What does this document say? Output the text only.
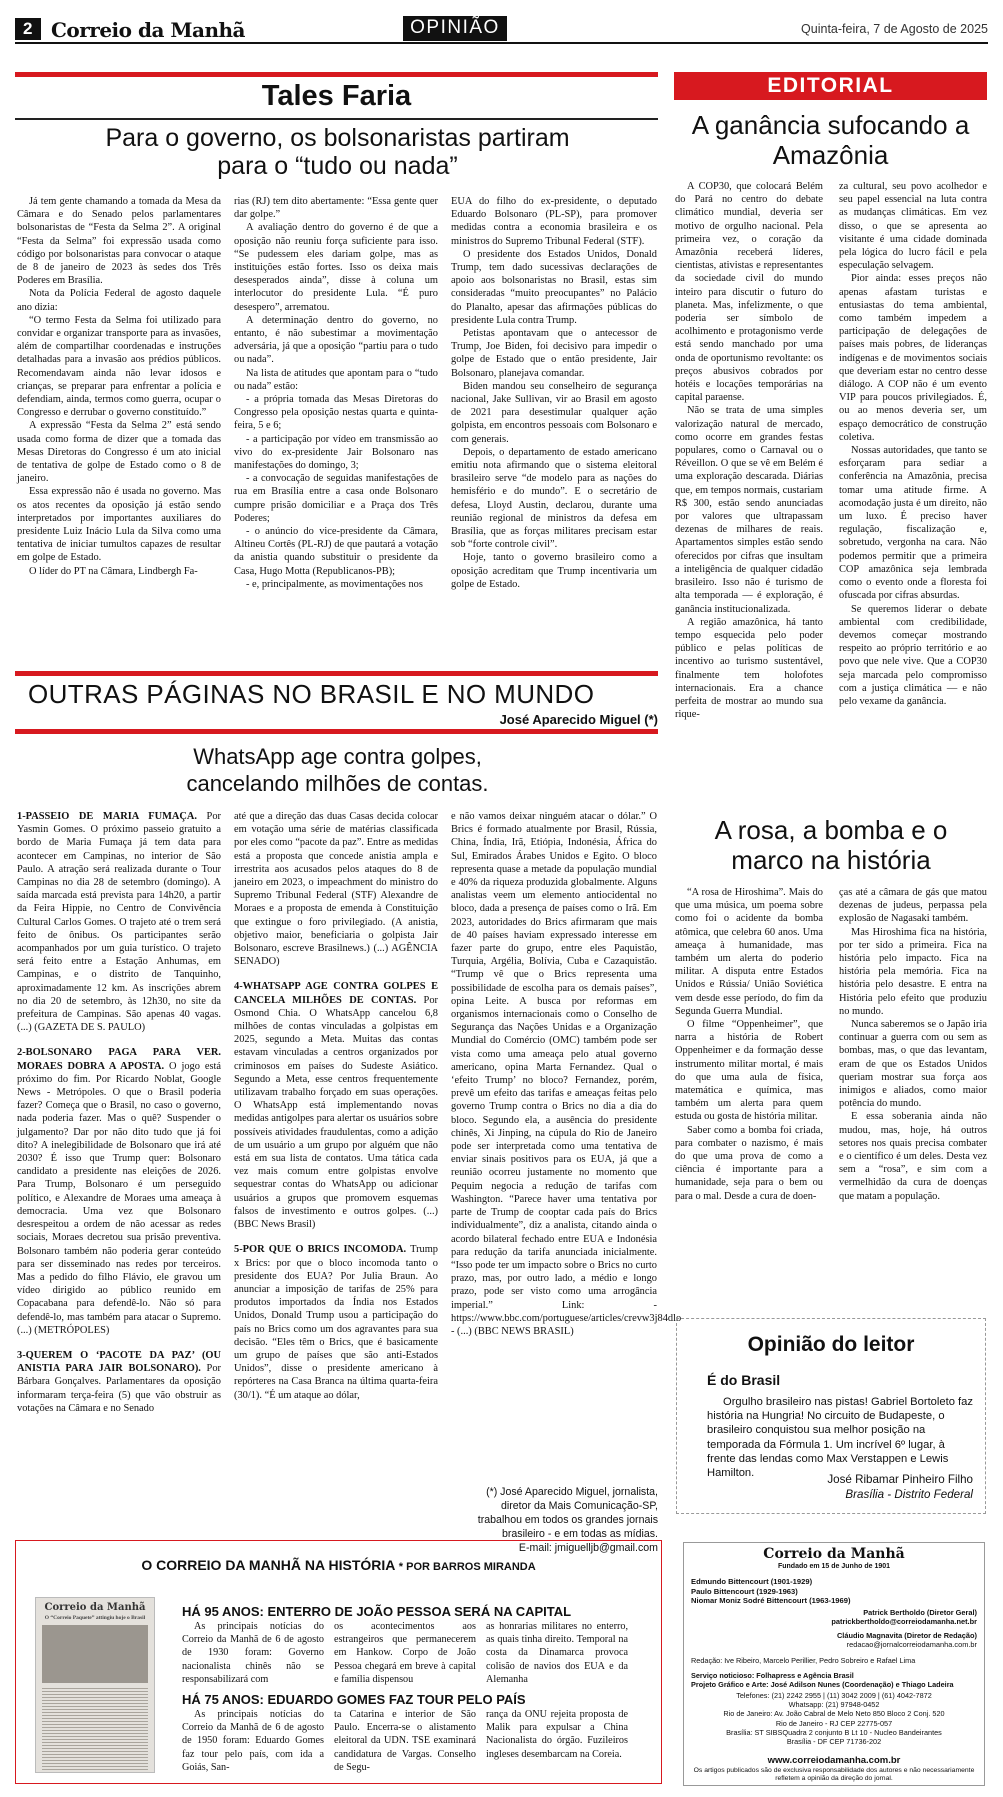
2 Correio da Manhã	OPINIÃO	Quinta-feira, 7 de Agosto de 2025
Tales Faria
Para o governo, os bolsonaristas partiram para o “tudo ou nada”

Já tem gente chamando a tomada da Mesa da Câmara e do Senado pelos parlamentares bolsonaristas de “Festa da Selma 2”. A original “Festa da Selma” foi expressão usada como código por bolsonaristas para convocar o ataque de 8 de janeiro de 2023 às sedes dos Três Poderes em Brasília.

Nota da Polícia Federal de agosto daquele ano dizia:

“O termo Festa da Selma foi utilizado para convidar e organizar transporte para as invasões, além de compartilhar coordenadas e instruções detalhadas para a invasão aos prédios públicos. Recomendavam ainda não levar idosos e crianças, se preparar para enfrentar a polícia e defendiam, ainda, termos como guerra, ocupar o Congresso e derrubar o governo constituído.”

A expressão “Festa da Selma 2” está sendo usada como forma de dizer que a tomada das Mesas Diretoras do Congresso é um ato inicial de tentativa de golpe de Estado como o 8 de janeiro.

Essa expressão não é usada no governo. Mas os atos recentes da oposição já estão sendo interpretados por importantes auxiliares do presidente Luiz Inácio Lula da Silva como uma tentativa de iniciar tumultos capazes de resultar em golpe de Estado.

O líder do PT na Câmara, Lindbergh Fa-

rias (RJ) tem dito abertamente: “Essa gente quer dar golpe.”

A avaliação dentro do governo é de que a oposição não reuniu força suficiente para isso. “Se pudessem eles dariam golpe, mas as instituições estão fortes. Isso os deixa mais desesperados ainda”, disse à coluna um interlocutor do presidente Lula. “É puro desespero”, arrematou.

A determinação dentro do governo, no entanto, é não subestimar a movimentação adversária, já que a oposição “partiu para o tudo ou nada”.

Na lista de atitudes que apontam para o “tudo ou nada” estão:

- a própria tomada das Mesas Diretoras do Congresso pela oposição nestas quarta e quinta-feira, 5 e 6;

- a participação por vídeo em transmissão ao vivo do ex-presidente Jair Bolsonaro nas manifestações do domingo, 3;

- a convocação de seguidas manifestações de rua em Brasília entre a casa onde Bolsonaro cumpre prisão domiciliar e a Praça dos Três Poderes;

- o anúncio do vice-presidente da Câmara, Altineu Cortês (PL-RJ) de que pautará a votação da anistia quando substituir o presidente da Casa, Hugo Motta (Republicanos-PB);

- e, principalmente, as movimentações nos

EUA do filho do ex-presidente, o deputado Eduardo Bolsonaro (PL-SP), para promover medidas contra a economia brasileira e os ministros do Supremo Tribunal Federal (STF).

O presidente dos Estados Unidos, Donald Trump, tem dado sucessivas declarações de apoio aos bolsonaristas no Brasil, estas sim consideradas “muito preocupantes” no Palácio do Planalto, apesar das afirmações públicas do presidente Lula contra Trump.

Petistas apontavam que o antecessor de Trump, Joe Biden, foi decisivo para impedir o golpe de Estado que o então presidente, Jair Bolsonaro, planejava comandar.

Biden mandou seu conselheiro de segurança nacional, Jake Sullivan, vir ao Brasil em agosto de 2021 para desestimular qualquer ação golpista, em encontros pessoais com Bolsonaro e com generais.

Depois, o departamento de estado americano emitiu nota afirmando que o sistema eleitoral brasileiro serve “de modelo para as nações do hemisfério e do mundo”. E o secretário de defesa, Lloyd Austin, declarou, durante uma reunião regional de ministros da defesa em Brasília, que as forças militares precisam estar sob “forte controle civil”.

Hoje, tanto o governo brasileiro como a oposição acreditam que Trump incentivaria um golpe de Estado.

EDITORIAL
A ganância sufocando a Amazônia

A COP30, que colocará Belém do Pará no centro do debate climático mundial, deveria ser motivo de orgulho nacional. Pela primeira vez, o coração da Amazônia receberá líderes, cientistas, ativistas e representantes da sociedade civil do mundo inteiro para discutir o futuro do planeta. Mas, infelizmente, o que poderia ser símbolo de acolhimento e protagonismo verde está sendo manchado por uma onda de oportunismo revoltante: os preços abusivos cobrados por hotéis e locações temporárias na capital paraense.

Não se trata de uma simples valorização natural de mercado, como ocorre em grandes festas populares, como o Carnaval ou o Réveillon. O que se vê em Belém é uma exploração descarada. Diárias que, em tempos normais, custariam R$ 300, estão sendo anunciadas por valores que ultrapassam dezenas de milhares de reais. Apartamentos simples estão sendo oferecidos por cifras que insultam a inteligência de qualquer cidadão brasileiro. Isso não é turismo de alta temporada — é exploração, é ganância institucionalizada.

A região amazônica, há tanto tempo esquecida pelo poder público e pelas políticas de incentivo ao turismo sustentável, finalmente tem holofotes internacionais. Era a chance perfeita de mostrar ao mundo sua rique-

za cultural, seu povo acolhedor e seu papel essencial na luta contra as mudanças climáticas. Em vez disso, o que se apresenta ao visitante é uma cidade dominada pela lógica do lucro fácil e pela especulação selvagem.

Pior ainda: esses preços não apenas afastam turistas e entusiastas do tema ambiental, como também impedem a participação de delegações de países mais pobres, de lideranças indígenas e de movimentos sociais que deveriam estar no centro desse diálogo. A COP não é um evento VIP para poucos privilegiados. É, ou ao menos deveria ser, um espaço democrático de construção coletiva.

Nossas autoridades, que tanto se esforçaram para sediar a conferência na Amazônia, precisa tomar uma atitude firme. A acomodação justa é um direito, não um luxo. É preciso haver regulação, fiscalização e, sobretudo, vergonha na cara. Não podemos permitir que a primeira COP amazônica seja lembrada como o evento onde a floresta foi ofuscada por cifras absurdas.

Se queremos liderar o debate ambiental com credibilidade, devemos começar mostrando respeito ao próprio território e ao povo que nele vive. Que a COP30 seja marcada pelo compromisso com a justiça climática — e não pelo vexame da ganância.

A rosa, a bomba e o marco na história

“A rosa de Hiroshima”. Mais do que uma música, um poema sobre como foi o acidente da bomba atômica, que celebra 60 anos. Uma ameaça à humanidade, mas também um alerta do poderio militar. A disputa entre Estados Unidos e Rússia/ União Soviética vem desde esse período, do fim da Segunda Guerra Mundial.

O filme “Oppenheimer”, que narra a história de Robert Oppenheimer e da formação desse instrumento militar mortal, é mais do que uma aula de física, matemática e química, mas também um alerta para quem estuda ou gosta de história militar.

Saber como a bomba foi criada, para combater o nazismo, é mais do que uma prova de como a ciência é importante para a humanidade, seja para o bem ou para o mal. Desde a cura de doen-

ças até a câmara de gás que matou dezenas de judeus, perpassa pela explosão de Nagasaki também.

Mas Hiroshima fica na história, por ter sido a primeira. Fica na história pelo impacto. Fica na história pela memória. Fica na história pelo desastre. E entra na História pelo efeito que produziu no mundo.

Nunca saberemos se o Japão iria continuar a guerra com ou sem as bombas, mas, o que das levantam, eram de que os Estados Unidos queriam mostrar sua força aos inimigos e aliados, como maior potência do mundo.

E essa soberania ainda não mudou, mas, hoje, há outros setores nos quais precisa combater e o científico é um deles. Desta vez sem a “rosa”, e sim com a vermelhidão da cura de doenças que matam a população.

OUTRAS PÁGINAS NO BRASIL E NO MUNDO
José Aparecido Miguel (*)
WhatsApp age contra golpes, cancelando milhões de contas.

1-PASSEIO DE MARIA FUMAÇA. Por Yasmin Gomes. O próximo passeio gratuito a bordo de Maria Fumaça já tem data para acontecer em Campinas, no interior de São Paulo. A atração será realizada durante o Tour Campinas no dia 28 de setembro (domingo). A saída marcada está prevista para 14h20, a partir da Feira Hippie, no Centro de Convivência Cultural Carlos Gomes. O trajeto até o trem será feito de ônibus. Os participantes serão acompanhados por um guia turístico. O trajeto será feito entre a Estação Anhumas, em Campinas, e o distrito de Tanquinho, aproximadamente 12 km. As inscrições abrem no dia 20 de setembro, às 12h30, no site da prefeitura de Campinas. São apenas 40 vagas. (...) (GAZETA DE S. PAULO)

2-BOLSONARO PAGA PARA VER. MORAES DOBRA A APOSTA. O jogo está próximo do fim. Por Ricardo Noblat, Google News - Metrópoles. O que o Brasil poderia fazer? Começa que o Brasil, no caso o governo, nada poderia fazer. Mas o quê? Suspender o julgamento? Dar por não dito tudo que já foi dito? A inelegibilidade de Bolsonaro que irá até 2030? É isso que Trump quer: Bolsonaro candidato a presidente nas eleições de 2026. Para Trump, Bolsonaro é um perseguido político, e Alexandre de Moraes uma ameaça à democracia. Uma vez que Bolsonaro desrespeitou a ordem de não acessar as redes sociais, Moraes decretou sua prisão preventiva. Bolsonaro também não poderia gerar conteúdo para ser disseminado nas redes por terceiros. Mas a pedido do filho Flávio, ele gravou um vídeo dirigido ao público reunido em Copacabana para defendê-lo. Não só para defendê-lo, mas também para atacar o Supremo. (...) (METRÓPOLES)

3-QUEREM O ‘PACOTE DA PAZ’ (OU ANISTIA PARA JAIR BOLSONARO). Por Bárbara Gonçalves. Parlamentares da oposição informaram terça-feira (5) que vão obstruir as votações na Câmara e no Senado

até que a direção das duas Casas decida colocar em votação uma série de matérias classificada por eles como “pacote da paz”. Entre as medidas está a proposta que concede anistia ampla e irrestrita aos acusados pelos ataques do 8 de janeiro em 2023, o impeachment do ministro do Supremo Tribunal Federal (STF) Alexandre de Moraes e a proposta de emenda à Constituição que extingue o foro privilegiado. (A anistia, objetivo maior, beneficiaria o golpista Jair Bolsonaro, escreve Brasilnews.) (...) AGÊNCIA SENADO)

4-WHATSAPP AGE CONTRA GOLPES E CANCELA MILHÕES DE CONTAS. Por Osmond Chia. O WhatsApp cancelou 6,8 milhões de contas vinculadas a golpistas em 2025, segundo a Meta. Muitas das contas estavam vinculadas a centros organizados por criminosos em países do Sudeste Asiático. Segundo a Meta, esse centros frequentemente utilizavam trabalho forçado em suas operações. O WhatsApp está implementando novas medidas antigolpes para alertar os usuários sobre possíveis atividades fraudulentas, como a adição de um usuário a um grupo por alguém que não está em sua lista de contatos. Uma tática cada vez mais comum entre golpistas envolve sequestrar contas do WhatsApp ou adicionar usuários a grupos que promovem esquemas falsos de investimento e outros golpes. (...) (BBC News Brasil)

5-POR QUE O BRICS INCOMODA. Trump x Brics: por que o bloco incomoda tanto o presidente dos EUA? Por Julia Braun. Ao anunciar a imposição de tarifas de 25% para produtos importados da Índia nos Estados Unidos, Donald Trump usou a participação do país no Brics como um dos agravantes para sua decisão. “Eles têm o Brics, que é basicamente um grupo de países que são anti-Estados Unidos”, disse o presidente americano à repórteres na Casa Branca na última quarta-feira (30/1). “É um ataque ao dólar,

e não vamos deixar ninguém atacar o dólar.” O Brics é formado atualmente por Brasil, Rússia, China, Índia, Irã, Etiópia, Indonésia, África do Sul, Emirados Árabes Unidos e Egito. O bloco representa quase a metade da população mundial e 40% da riqueza produzida globalmente. Alguns analistas veem um elemento antiocidental no bloco, dada a presença de países como o Irã. Em 2023, autoridades do Brics afirmaram que mais de 40 países haviam expressado interesse em fazer parte do grupo, entre eles Paquistão, Turquia, Argélia, Bolívia, Cuba e Cazaquistão. “Trump vê que o Brics representa uma possibilidade de escolha para os demais países”, opina Leite. A busca por reformas em organismos internacionais como o Conselho de Segurança das Nações Unidas e a Organização Mundial do Comércio (OMC) também pode ser vista como uma ameaça pelo atual governo americano, opina Marta Fernandez. Qual o ‘efeito Trump’ no bloco? Fernandez, porém, prevê um efeito das tarifas e ameaças feitas pelo governo Trump contra o Brics no dia a dia do bloco. Segundo ela, a ausência do presidente chinês, Xi Jinping, na cúpula do Rio de Janeiro pode ser interpretada como uma tentativa de enviar sinais positivos para os EUA, já que a reunião ocorreu justamente no momento que Pequim negocia a redução de tarifas com Washington. “Parece haver uma tentativa por parte de Trump de cooptar cada país do Brics individualmente”, diz a analista, citando ainda o acordo bilateral fechado entre EUA e Indonésia para redução da tarifa anunciada inicialmente. “Isso pode ter um impacto sobre o Brics no curto prazo, mas, por outro lado, a médio e longo prazo, pode ser visto como uma arrogância imperial.” Link: - https://www.bbc.com/portuguese/articles/crevw3j84dlo - (...) (BBC NEWS BRASIL)

(*) José Aparecido Miguel, jornalista,
diretor da Mais Comunicação-SP,
trabalhou em todos os grandes jornais
brasileiro - e em todas as mídias.
E-mail: jmiguelljb@gmail.com
Opinião do leitor
É do Brasil
Orgulho brasileiro nas pistas! Gabriel Bortoleto faz história na Hungria! No circuito de Budapeste, o brasileiro conquistou sua melhor posição na temporada da Fórmula 1. Um incrível 6º lugar, à frente das lendas como Max Verstappen e Lewis Hamilton.	José Ribamar Pinheiro Filho
Brasília - Distrito Federal
O CORREIO DA MANHÃ NA HISTÓRIA * POR BARROS MIRANDA
Correio da Manhã
O “Correio Paquete” attingiu hoje o Brasil	HÁ 95 ANOS: ENTERRO DE JOÃO PESSOA SERÁ NA CAPITAL

As principais notícias do Correio da Manhã de 6 de agosto de 1930 foram: Governo nacionalista chinês não se responsabilizará com

os acontecimentos aos estrangeiros que permanecerem em Hankow. Corpo de João Pessoa chegará em breve à capital e família dispensou

as honrarias militares no enterro, as quais tinha direito. Temporal na costa da Dinamarca provoca colisão de navios dos EUA e da Alemanha

HÁ 75 ANOS: EDUARDO GOMES FAZ TOUR PELO PAÍS

As principais notícias do Correio da Manhã de 6 de agosto de 1950 foram: Eduardo Gomes faz tour pelo país, com ida a Goiás, San-

ta Catarina e interior de São Paulo. Encerra-se o alistamento eleitoral da UDN. TSE examinará candidatura de Vargas. Conselho de Segu-

rança da ONU rejeita proposta de Malik para expulsar a China Nacionalista do órgão. Fuzileiros ingleses desembarcam na Coreia.

Correio da Manhã
Fundado em 15 de Junho de 1901
Edmundo Bittencourt (1901-1929)
Paulo Bittencourt (1929-1963)
Niomar Moniz Sodré Bittencourt (1963-1969)
Patrick Bertholdo (Diretor Geral)
patrickbertholdo@correiodamanha.net.br
Cláudio Magnavita (Diretor de Redação)
redacao@jornalcorreiodamanha.com.br
Redação: Ive Ribeiro, Marcelo Perillier, Pedro Sobreiro e Rafael Lima
Serviço noticioso: Folhapress e Agência Brasil
Projeto Gráfico e Arte: José Adilson Nunes (Coordenação) e Thiago Ladeira
Telefones: (21) 2242 2955 | (11) 3042 2009 | (61) 4042-7872
Whatsapp: (21) 97948-0452
Rio de Janeiro: Av. João Cabral de Melo Neto 850 Bloco 2 Conj. 520
Rio de Janeiro - RJ CEP 22775-057
Brasília: ST SIBSQuadra 2 conjunto B Lt 10 - Nucleo Bandeirantes
Brasília - DF CEP 71736-202
www.correiodamanha.com.br
Os artigos publicados são de exclusiva responsabilidade dos autores e não necessariamente refletem a opinião da direção do jornal.
